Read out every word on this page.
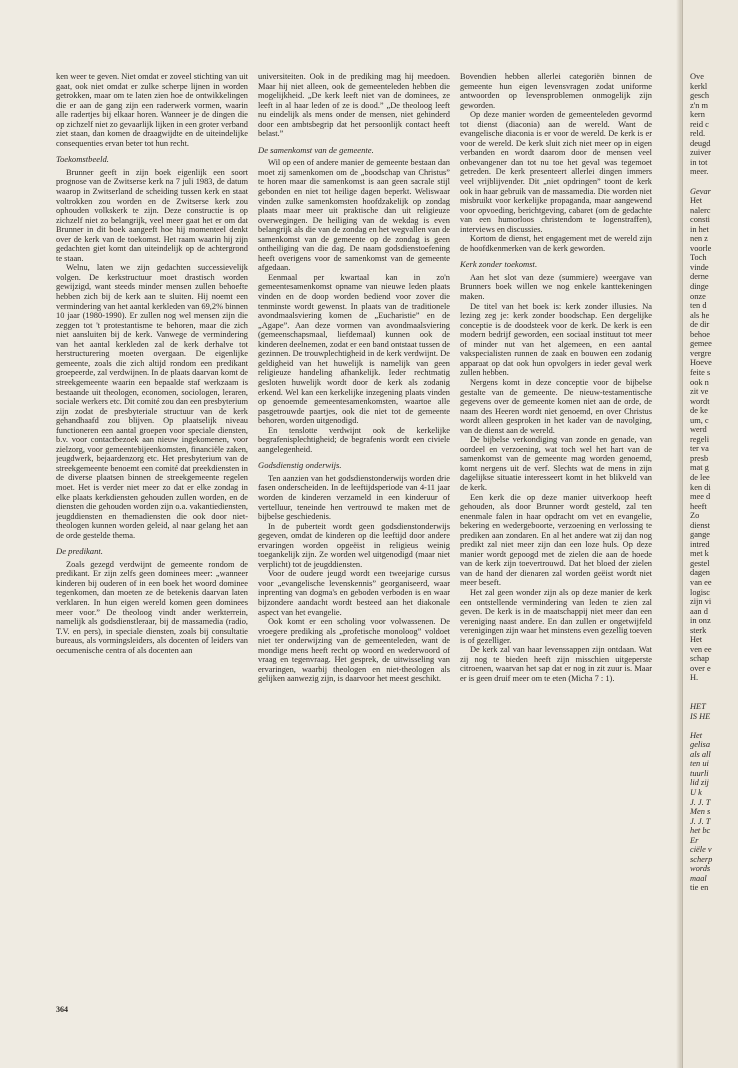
ken weer te geven. Niet omdat er zoveel stichting van uit gaat, ook niet omdat er zulke scherpe lijnen in worden getrokken, maar om te laten zien hoe de ontwikkelingen die er aan de gang zijn een raderwerk vormen, waarin alle radertjes bij elkaar horen. Wanneer je de dingen die op zichzelf niet zo gevaarlijk lijken in een groter verband ziet staan, dan komen de draagwijdte en de uiteindelijke consequenties ervan beter tot hun recht.

Toekomstbeeld.

Brunner geeft in zijn boek eigenlijk een soort prognose van de Zwitserse kerk na 7 juli 1983, de datum waarop in Zwitserland de scheiding tussen kerk en staat voltrokken zou worden en de Zwitserse kerk zou ophouden volkskerk te zijn. Deze constructie is op zichzelf niet zo belangrijk, veel meer gaat het er om dat Brunner in dit boek aangeeft hoe hij momenteel denkt over de kerk van de toekomst. Het raam waarin hij zijn gedachten giet komt dan uiteindelijk op de achtergrond te staan.

Welnu, laten we zijn gedachten successievelijk volgen. De kerkstructuur moet drastisch worden gewijzigd, want steeds minder mensen zullen behoefte hebben zich bij de kerk aan te sluiten. Hij noemt een vermindering van het aantal kerkleden van 69,2% binnen 10 jaar (1980-1990). Er zullen nog wel mensen zijn die zeggen tot 't protestantisme te behoren, maar die zich niet aansluiten bij de kerk. Vanwege de vermindering van het aantal kerkleden zal de kerk derhalve tot herstructurering moeten overgaan. De eigenlijke gemeente, zoals die zich altijd rondom een predikant groepeerde, zal verdwijnen. In de plaats daarvan komt de streekgemeente waarin een bepaalde staf werkzaam is bestaande uit theologen, economen, sociologen, leraren, sociale werkers etc. Dit comité zou dan een presbyterium zijn zodat de presbyteriale structuur van de kerk gehandhaafd zou blijven. Op plaatselijk niveau functioneren een aantal groepen voor speciale diensten, b.v. voor contactbezoek aan nieuw ingekomenen, voor zielzorg, voor gemeentebijeenkomsten, financiële zaken, jeugdwerk, bejaardenzorg etc. Het presbyterium van de streekgemeente benoemt een comité dat preekdiensten in de diverse plaatsen binnen de streekgemeente regelen moet. Het is verder niet meer zo dat er elke zondag in elke plaats kerkdiensten gehouden zullen worden, en de diensten die gehouden worden zijn o.a. vakantiediensten, jeugddiensten en themadiensten die ook door niet-theologen kunnen worden geleid, al naar gelang het aan de orde gestelde thema.

De predikant.

Zoals gezegd verdwijnt de gemeente rondom de predikant. Er zijn zelfs geen dominees meer: „wanneer kinderen bij ouderen of in een boek het woord dominee tegenkomen, dan moeten ze de betekenis daarvan laten verklaren. In hun eigen wereld komen geen dominees meer voor.” De theoloog vindt ander werkterrein, namelijk als godsdienstleraar, bij de massamedia (radio, T.V. en pers), in speciale diensten, zoals bij consultatie bureaus, als vormingsleiders, als docenten of leiders van oecumenische centra of als docenten aan

universiteiten. Ook in de prediking mag hij meedoen. Maar hij niet alleen, ook de gemeenteleden hebben die mogelijkheid. „De kerk leeft niet van de dominees, ze leeft in al haar leden of ze is dood.” „De theoloog leeft nu eindelijk als mens onder de mensen, niet gehinderd door een ambtsbegrip dat het persoonlijk contact heeft belast.”

De samenkomst van de gemeente.

Wil op een of andere manier de gemeente bestaan dan moet zij samenkomen om de „boodschap van Christus” te horen maar die samenkomst is aan geen sacrale stijl gebonden en niet tot heilige dagen beperkt. Weliswaar vinden zulke samenkomsten hoofdzakelijk op zondag plaats maar meer uit praktische dan uit religieuze overwegingen. De heiliging van de wekdag is even belangrijk als die van de zondag en het wegvallen van de samenkomst van de gemeente op de zondag is geen ontheiliging van die dag. De naam godsdienstoefening heeft overigens voor de samenkomst van de gemeente afgedaan.

Eenmaal per kwartaal kan in zo'n gemeentesamenkomst opname van nieuwe leden plaats vinden en de doop worden bediend voor zover die tenminste wordt gewenst. In plaats van de traditionele avondmaalsviering komen de „Eucharistie” en de „Agape”. Aan deze vormen van avondmaalsviering (gemeenschapsmaal, liefdemaal) kunnen ook de kinderen deelnemen, zodat er een band ontstaat tussen de gezinnen. De trouwplechtigheid in de kerk verdwijnt. De geldigheid van het huwelijk is namelijk van geen religieuze handeling afhankelijk. Ieder rechtmatig gesloten huwelijk wordt door de kerk als zodanig erkend. Wel kan een kerkelijke inzegening plaats vinden op genoemde gemeentesamenkomsten, waartoe alle pasgetrouwde paartjes, ook die niet tot de gemeente behoren, worden uitgenodigd.

En tenslotte verdwijnt ook de kerkelijke begrafenisplechtigheid; de begrafenis wordt een civiele aangelegenheid.

Godsdienstig onderwijs.

Ten aanzien van het godsdienstonderwijs worden drie fasen onderscheiden. In de leeftijdsperiode van 4-11 jaar worden de kinderen verzameld in een kinderuur of vertelluur, teneinde hen vertrouwd te maken met de bijbelse geschiedenis.

In de puberteit wordt geen godsdienstonderwijs gegeven, omdat de kinderen op die leeftijd door andere ervaringen worden opgeëist in religieus weinig toegankelijk zijn. Ze worden wel uitgenodigd (maar niet verplicht) tot de jeugddiensten.

Voor de oudere jeugd wordt een tweejarige cursus voor „evangelische levenskennis” georganiseerd, waar inprenting van dogma's en geboden verboden is en waar bijzondere aandacht wordt besteed aan het diakonale aspect van het evangelie.

Ook komt er een scholing voor volwassenen. De vroegere prediking als „profetische monoloog” voldoet niet ter onderwijzing van de gemeenteleden, want de mondige mens heeft recht op woord en wederwoord of vraag en tegenvraag. Het gesprek, de uitwisseling van ervaringen, waarbij theologen en niet-theologen als gelijken aanwezig zijn, is daarvoor het meest geschikt.

Bovendien hebben allerlei categoriën binnen de gemeente hun eigen levensvragen zodat uniforme antwoorden op levensproblemen onmogelijk zijn geworden.

Op deze manier worden de gemeenteleden gevormd tot dienst (diaconia) aan de wereld. Want de evangelische diaconia is er voor de wereld. De kerk is er voor de wereld. De kerk sluit zich niet meer op in eigen verbanden en wordt daarom door de mensen veel onbevangener dan tot nu toe het geval was tegemoet getreden. De kerk presenteert allerlei dingen immers veel vrijblijvender. Dit „niet opdringen” toont de kerk ook in haar gebruik van de massamedia. Die worden niet misbruikt voor kerkelijke propaganda, maar aangewend voor opvoeding, berichtgeving, cabaret (om de gedachte van een humorloos christendom te logenstraffen), interviews en discussies.

Kortom de dienst, het engagement met de wereld zijn de hoofdkenmerken van de kerk geworden.

Kerk zonder toekomst.

Aan het slot van deze (summiere) weergave van Brunners boek willen we nog enkele kanttekeningen maken.

De titel van het boek is: kerk zonder illusies. Na lezing zeg je: kerk zonder boodschap. Een dergelijke conceptie is de doodsteek voor de kerk. De kerk is een modern bedrijf geworden, een sociaal instituut tot meer of minder nut van het algemeen, en een aantal vakspecialisten runnen de zaak en bouwen een zodanig apparaat op dat ook hun opvolgers in ieder geval werk zullen hebben.

Nergens komt in deze conceptie voor de bijbelse gestalte van de gemeente. De nieuw-testamentische gegevens over de gemeente komen niet aan de orde, de naam des Heeren wordt niet genoemd, en over Christus wordt alleen gesproken in het kader van de navolging, van de dienst aan de wereld.

De bijbelse verkondiging van zonde en genade, van oordeel en verzoening, wat toch wel het hart van de samenkomst van de gemeente mag worden genoemd, komt nergens uit de verf. Slechts wat de mens in zijn dagelijkse situatie interesseert komt in het blikveld van de kerk.

Een kerk die op deze manier uitverkoop heeft gehouden, als door Brunner wordt gesteld, zal ten enenmale falen in haar opdracht om vet en evangelie, bekering en wedergeboorte, verzoening en verlossing te prediken aan zondaren. En al het andere wat zij dan nog predikt zal niet meer zijn dan een loze huls. Op deze manier wordt gepoogd met de zielen die aan de hoede van de kerk zijn toevertrouwd. Dat het bloed der zielen van de hand der dienaren zal worden geëist wordt niet meer beseft.

Het zal geen wonder zijn als op deze manier de kerk een ontstellende vermindering van leden te zien zal geven. De kerk is in de maatschappij niet meer dan een vereniging naast andere. En dan zullen er ongetwijfeld verenigingen zijn waar het minstens even gezellig toeven is of gezelliger.

De kerk zal van haar levenssappen zijn ontdaan. Wat zij nog te bieden heeft zijn misschien uitgeperste citroenen, waarvan het sap dat er nog in zit zuur is. Maar er is geen druif meer om te eten (Micha 7 : 1).

364
Ove
kerkl
gesch
z'n m
kern
reid c
reld.
deugd
zuiver
in tot
meer.
Gevar
Het
nalerc
consti
in het
nen z
voorle
Toch
vinde
derne
dinge
onze
ten d
als he
de dir
behoe
gemee
vergre
Hoeve
feite s
ook n
zit ve
wordt
de ke
um, c
werd
regeli
ter va
presb
mat g
de lee
ken di
mee d
heeft
Zo
dienst
gange
intred
met k
gestel
dagen
van ee
logisc
zijn vi
aan d
in onz
sterk
Het
ven ee
schap
over e
H.
HET
IS HE
Het
gelisa
als all
ten ui
tuurli
lid zij
U k
J. J. T
Men s
J. J. T
het bc
Er
ciële v
scherp
words
maal
tie en
